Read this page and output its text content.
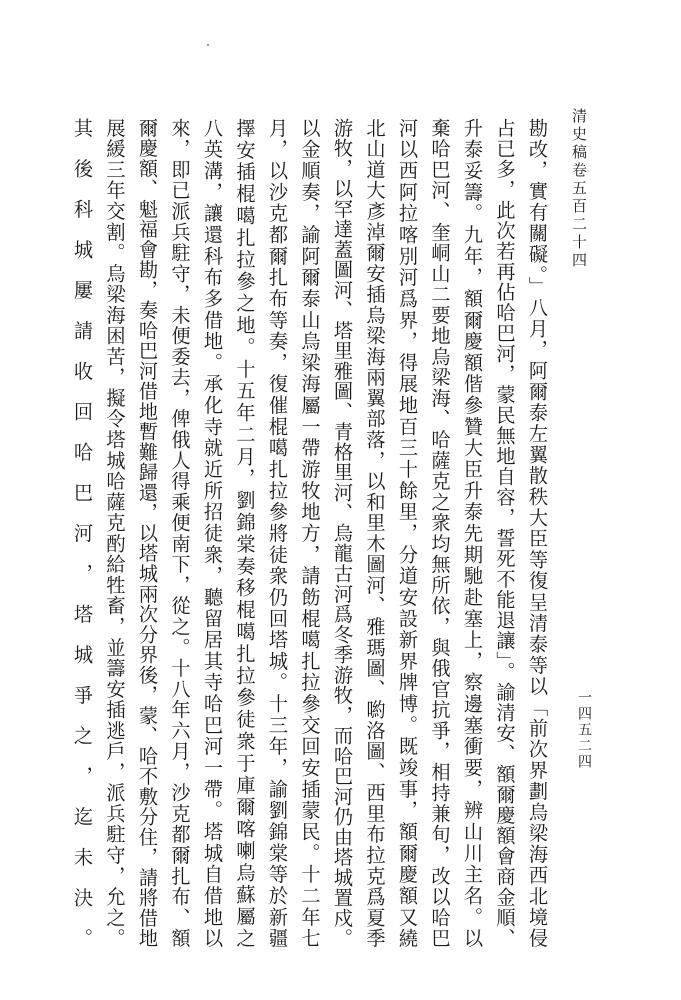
清史稿卷五百二十四
一四五二四
勘改，實有關礙。」八月，阿爾泰左翼散秩大臣等復呈清泰等以「前次界劃烏梁海西北境侵
占已多，此次若再佔哈巴河，蒙民無地自容，誓死不能退讓」。諭清安、額爾慶額會商金順、
升泰妥籌。九年，額爾慶額偕參贊大臣升泰先期馳赴塞上，察邊塞衝要，辨山川主名。以
棄哈巴河、奎峒山二要地烏梁海、哈薩克之衆均無所依，與俄官抗爭，相持兼旬，改以哈巴
河以西阿拉喀別河爲界，得展地百三十餘里，分道安設新界牌博。既竣事，額爾慶額又繞
北山道大彥淖爾安插烏梁海兩翼部落，以和里木圖河、雅瑪圖、喲洛圖、西里布拉克爲夏季
游牧，以罕達蓋圖河、塔里雅圖、青格里河、烏龍古河爲冬季游牧，而哈巴河仍由塔城置戍。
以金順奏，諭阿爾泰山烏梁海屬一帶游牧地方，請飭棍噶扎拉參交回安插蒙民。十二年七
月，以沙克都爾扎布等奏，復催棍噶扎拉參將徒衆仍回塔城。十三年，諭劉錦棠等於新疆
擇安插棍噶扎拉參之地。十五年二月，劉錦棠奏移棍噶扎拉參徒衆于庫爾喀喇烏蘇屬之
八英溝，讓還科布多借地。承化寺就近所招徒衆，聽留居其寺哈巴河一帶。塔城自借地以
來，即已派兵駐守，未便委去，俾俄人得乘便南下，從之。十八年六月，沙克都爾扎布、額
爾慶額、魁福會勘，奏哈巴河借地暫難歸還，以塔城兩次分界後，蒙、哈不敷分住，請將借地
展緩三年交割。烏梁海困苦，擬令塔城哈薩克酌給牲畜，並籌安插逃戶，派兵駐守，允之。
其後科城屢請收回哈巴河，塔城爭之，迄未決。
